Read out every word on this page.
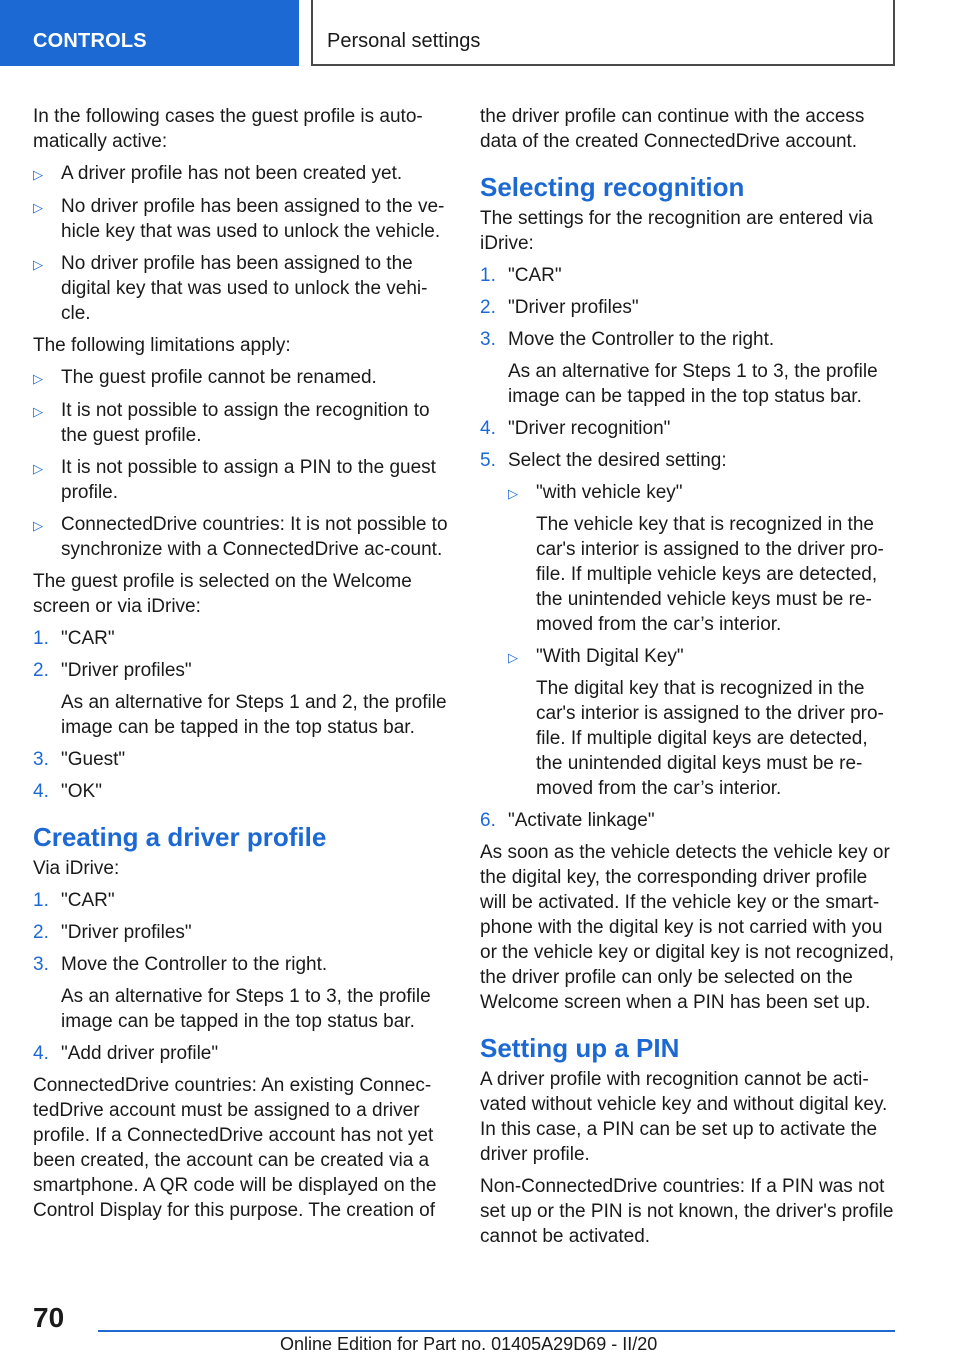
CONTROLS	Personal settings

In the following cases the guest profile is auto-matically active:

▷ A driver profile has not been created yet.
▷ No driver profile has been assigned to the ve-hicle key that was used to unlock the vehicle.
▷ No driver profile has been assigned to the digital key that was used to unlock the vehi-cle.

The following limitations apply:

▷ The guest profile cannot be renamed.
▷ It is not possible to assign the recognition to the guest profile.
▷ It is not possible to assign a PIN to the guest profile.
▷ ConnectedDrive countries: It is not possible to synchronize with a ConnectedDrive ac-count.

The guest profile is selected on the Welcome screen or via iDrive:

1. "CAR"
2. "Driver profiles"
As an alternative for Steps 1 and 2, the profile image can be tapped in the top status bar.
3. "Guest"
4. "OK"
Creating a driver profile

Via iDrive:

1. "CAR"
2. "Driver profiles"
3. Move the Controller to the right.
As an alternative for Steps 1 to 3, the profile image can be tapped in the top status bar.
4. "Add driver profile"

ConnectedDrive countries: An existing Connec-tedDrive account must be assigned to a driver profile. If a ConnectedDrive account has not yet been created, the account can be created via a smartphone. A QR code will be displayed on the Control Display for this purpose. The creation of

the driver profile can continue with the access data of the created ConnectedDrive account.

Selecting recognition

The settings for the recognition are entered via iDrive:

1. "CAR"
2. "Driver profiles"
3. Move the Controller to the right.
As an alternative for Steps 1 to 3, the profile image can be tapped in the top status bar.
4. "Driver recognition"
5. Select the desired setting:
▷ "with vehicle key"
The vehicle key that is recognized in the car's interior is assigned to the driver pro-file. If multiple vehicle keys are detected, the unintended vehicle keys must be re-moved from the car’s interior.
▷ "With Digital Key"
The digital key that is recognized in the car's interior is assigned to the driver pro-file. If multiple digital keys are detected, the unintended digital keys must be re-moved from the car’s interior.
6. "Activate linkage"

As soon as the vehicle detects the vehicle key or the digital key, the corresponding driver profile will be activated. If the vehicle key or the smart-phone with the digital key is not carried with you or the vehicle key or digital key is not recognized, the driver profile can only be selected on the Welcome screen when a PIN has been set up.

Setting up a PIN

A driver profile with recognition cannot be acti-vated without vehicle key and without digital key. In this case, a PIN can be set up to activate the driver profile.

Non-ConnectedDrive countries: If a PIN was not set up or the PIN is not known, the driver's profile cannot be activated.

70
Online Edition for Part no. 01405A29D69 - II/20
